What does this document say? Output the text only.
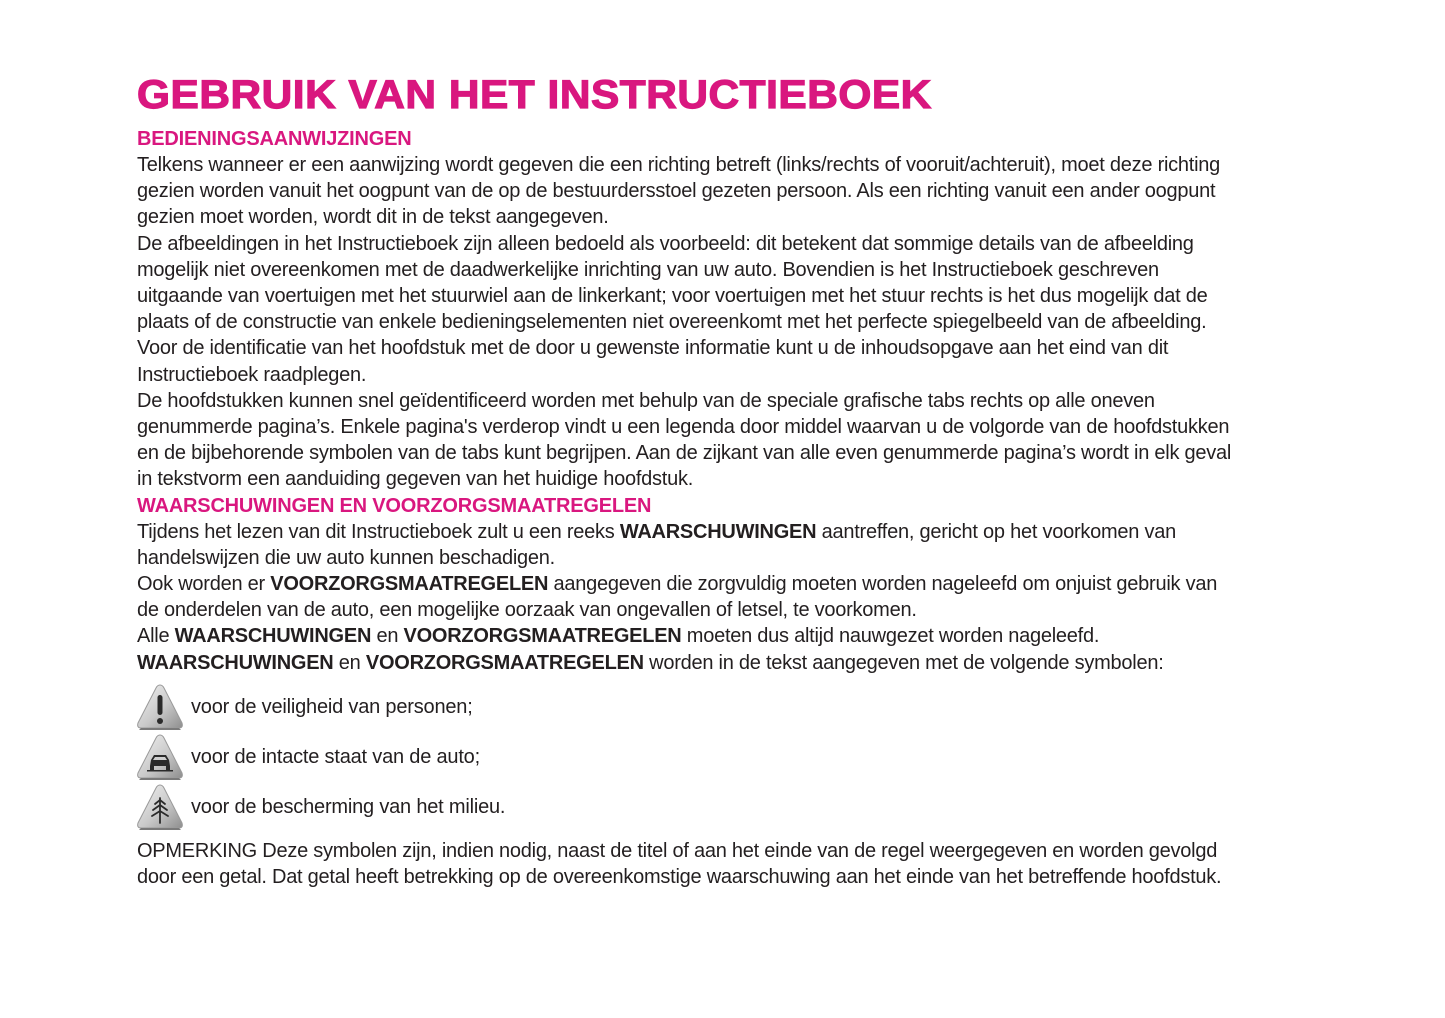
GEBRUIK VAN HET INSTRUCTIEBOEK
BEDIENINGSAANWIJZINGEN

Telkens wanneer er een aanwijzing wordt gegeven die een richting betreft (links/rechts of vooruit/achteruit), moet deze richting

gezien worden vanuit het oogpunt van de op de bestuurdersstoel gezeten persoon. Als een richting vanuit een ander oogpunt

gezien moet worden, wordt dit in de tekst aangegeven.

De afbeeldingen in het Instructieboek zijn alleen bedoeld als voorbeeld: dit betekent dat sommige details van de afbeelding

mogelijk niet overeenkomen met de daadwerkelijke inrichting van uw auto. Bovendien is het Instructieboek geschreven

uitgaande van voertuigen met het stuurwiel aan de linkerkant; voor voertuigen met het stuur rechts is het dus mogelijk dat de

plaats of de constructie van enkele bedieningselementen niet overeenkomt met het perfecte spiegelbeeld van de afbeelding.

Voor de identificatie van het hoofdstuk met de door u gewenste informatie kunt u de inhoudsopgave aan het eind van dit

Instructieboek raadplegen.

De hoofdstukken kunnen snel geïdentificeerd worden met behulp van de speciale grafische tabs rechts op alle oneven

genummerde pagina’s. Enkele pagina's verderop vindt u een legenda door middel waarvan u de volgorde van de hoofdstukken

en de bijbehorende symbolen van de tabs kunt begrijpen. Aan de zijkant van alle even genummerde pagina’s wordt in elk geval

in tekstvorm een aanduiding gegeven van het huidige hoofdstuk.

WAARSCHUWINGEN EN VOORZORGSMAATREGELEN

Tijdens het lezen van dit Instructieboek zult u een reeks WAARSCHUWINGEN aantreffen, gericht op het voorkomen van

handelswijzen die uw auto kunnen beschadigen.

Ook worden er VOORZORGSMAATREGELEN aangegeven die zorgvuldig moeten worden nageleefd om onjuist gebruik van

de onderdelen van de auto, een mogelijke oorzaak van ongevallen of letsel, te voorkomen.

Alle WAARSCHUWINGEN en VOORZORGSMAATREGELEN moeten dus altijd nauwgezet worden nageleefd.

WAARSCHUWINGEN en VOORZORGSMAATREGELEN worden in de tekst aangegeven met de volgende symbolen:

voor de veiligheid van personen;
voor de intacte staat van de auto;
voor de bescherming van het milieu.

OPMERKING Deze symbolen zijn, indien nodig, naast de titel of aan het einde van de regel weergegeven en worden gevolgd

door een getal. Dat getal heeft betrekking op de overeenkomstige waarschuwing aan het einde van het betreffende hoofdstuk.
